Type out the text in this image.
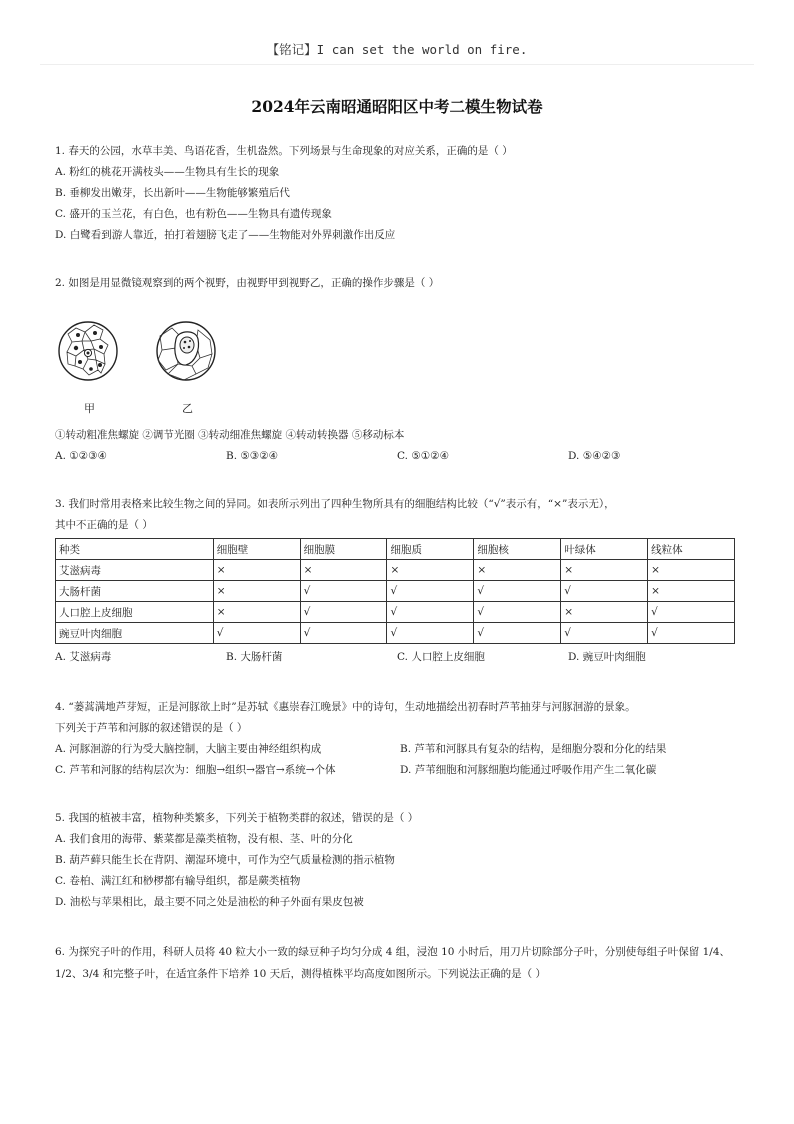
【铭记】I can set the world on fire.
2024年云南昭通昭阳区中考二模生物试卷
1. 春天的公园，水草丰美、鸟语花香，生机盎然。下列场景与生命现象的对应关系，正确的是（ ）
A. 粉红的桃花开满枝头——生物具有生长的现象
B. 垂柳发出嫩芽，长出新叶——生物能够繁殖后代
C. 盛开的玉兰花，有白色，也有粉色——生物具有遗传现象
D. 白鹭看到游人靠近，拍打着翅膀飞走了——生物能对外界刺激作出反应
2. 如图是用显微镜观察到的两个视野，由视野甲到视野乙，正确的操作步骤是（ ）
甲	乙
①转动粗准焦螺旋 ②调节光圈 ③转动细准焦螺旋 ④转动转换器 ⑤移动标本
A. ①②③④	B. ⑤③②④	C. ⑤①②④	D. ⑤④②③
3. 我们时常用表格来比较生物之间的异同。如表所示列出了四种生物所具有的细胞结构比较（“√”表示有，“×”表示无），
其中不正确的是（ ）
种类	细胞壁	细胞膜	细胞质	细胞核	叶绿体	线粒体
艾滋病毒	×	×	×	×	×	×
大肠杆菌	×	√	√	√	√	×
人口腔上皮细胞	×	√	√	√	×	√
豌豆叶肉细胞	√	√	√	√	√	√
A. 艾滋病毒	B. 大肠杆菌	C. 人口腔上皮细胞	D. 豌豆叶肉细胞
4. “蒌蒿满地芦芽短，正是河豚欲上时”是苏轼《惠崇春江晚景》中的诗句，生动地描绘出初春时芦苇抽芽与河豚洄游的景象。
下列关于芦苇和河豚的叙述错误的是（ ）
A. 河豚洄游的行为受大脑控制，大脑主要由神经组织构成	B. 芦苇和河豚具有复杂的结构，是细胞分裂和分化的结果
C. 芦苇和河豚的结构层次为：细胞→组织→器官→系统→个体	D. 芦苇细胞和河豚细胞均能通过呼吸作用产生二氧化碳
5. 我国的植被丰富，植物种类繁多，下列关于植物类群的叙述，错误的是（ ）
A. 我们食用的海带、紫菜都是藻类植物，没有根、茎、叶的分化
B. 葫芦藓只能生长在背阴、潮湿环境中，可作为空气质量检测的指示植物
C. 卷柏、满江红和桫椤都有输导组织，都是蕨类植物
D. 油松与苹果相比，最主要不同之处是油松的种子外面有果皮包被
6. 为探究子叶的作用，科研人员将 40 粒大小一致的绿豆种子均匀分成 4 组，浸泡 10 小时后，用刀片切除部分子叶，分别使每组子叶保留 1/4、1/2、3/4 和完整子叶，在适宜条件下培养 10 天后，测得植株平均高度如图所示。下列说法正确的是（ ）
